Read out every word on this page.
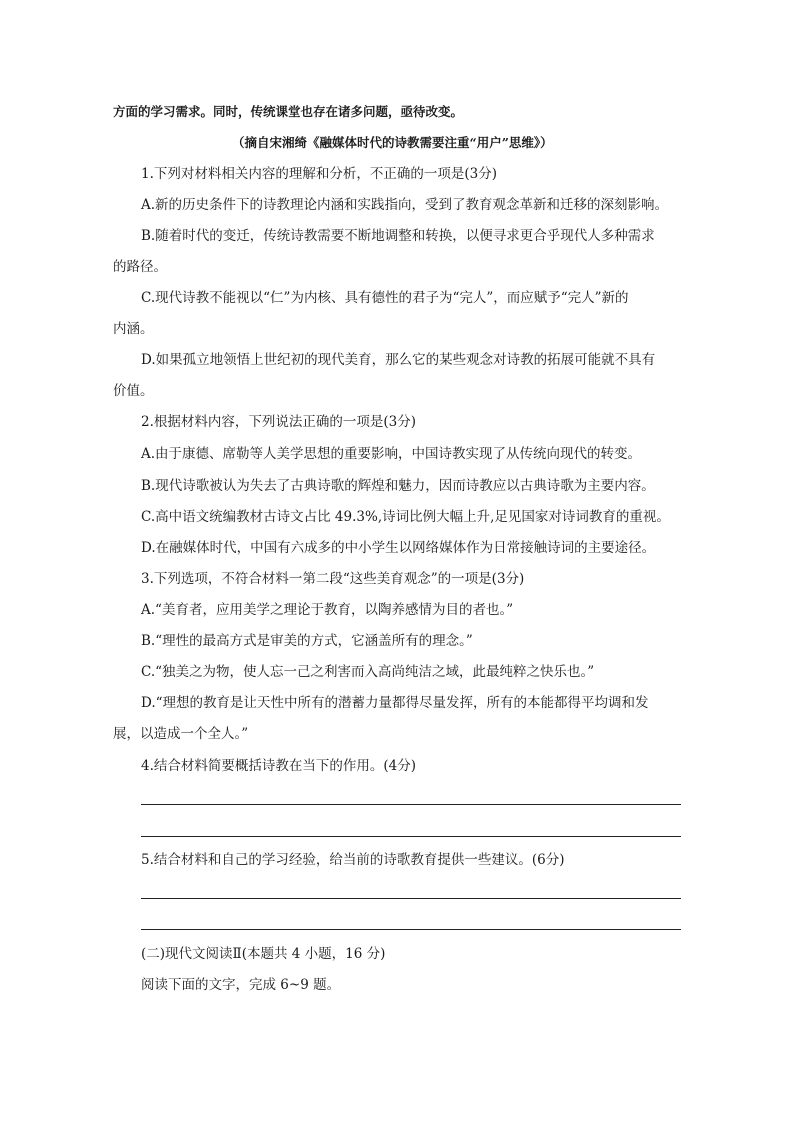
方面的学习需求。同时，传统课堂也存在诸多问题，亟待改变。
（摘自宋湘绮《融媒体时代的诗教需要注重“用户”思维》）
1.下列对材料相关内容的理解和分析，不正确的一项是(3分)
A.新的历史条件下的诗教理论内涵和实践指向，受到了教育观念革新和迁移的深刻影响。
B.随着时代的变迁，传统诗教需要不断地调整和转换，以便寻求更合乎现代人多种需求
的路径。
C.现代诗教不能视以“仁”为内核、具有德性的君子为“完人”，而应赋予“完人”新的
内涵。
D.如果孤立地领悟上世纪初的现代美育，那么它的某些观念对诗教的拓展可能就不具有
价值。
2.根据材料内容，下列说法正确的一项是(3分)
A.由于康德、席勒等人美学思想的重要影响，中国诗教实现了从传统向现代的转变。
B.现代诗歌被认为失去了古典诗歌的辉煌和魅力，因而诗教应以古典诗歌为主要内容。
C.高中语文统编教材古诗文占比 49.3%,诗词比例大幅上升,足见国家对诗词教育的重视。
D.在融媒体时代，中国有六成多的中小学生以网络媒体作为日常接触诗词的主要途径。
3.下列选项，不符合材料一第二段“这些美育观念”的一项是(3分)
A.“美育者，应用美学之理论于教育，以陶养感情为目的者也。”
B.“理性的最高方式是审美的方式，它涵盖所有的理念。”
C.“独美之为物，使人忘一己之利害而入高尚纯洁之域，此最纯粹之快乐也。”
D.“理想的教育是让天性中所有的潜蓄力量都得尽量发挥，所有的本能都得平均调和发
展，以造成一个全人。”
4.结合材料简要概括诗教在当下的作用。(4分)
5.结合材料和自己的学习经验，给当前的诗歌教育提供一些建议。(6分)
(二)现代文阅读Ⅱ(本题共 4 小题，16 分)
阅读下面的文字，完成 6~9 题。
